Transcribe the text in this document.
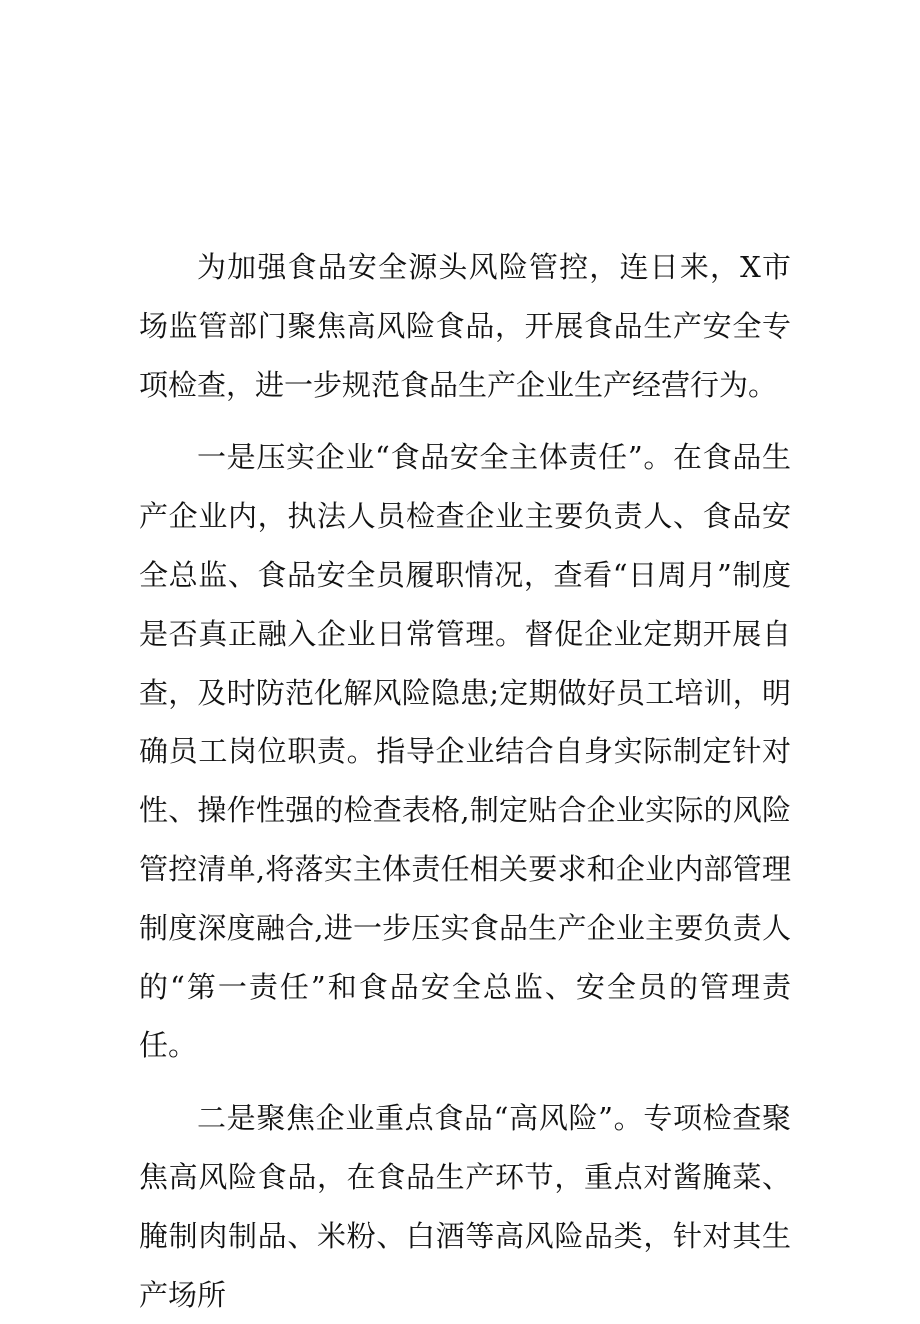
为加强食品安全源头风险管控，连日来，X市场监管部门聚焦高风险食品，开展食品生产安全专项检查，进一步规范食品生产企业生产经营行为。

一是压实企业“食品安全主体责任”。在食品生产企业内，执法人员检查企业主要负责人、食品安全总监、食品安全员履职情况，查看“日周月”制度是否真正融入企业日常管理。督促企业定期开展自查，及时防范化解风险隐患;定期做好员工培训，明确员工岗位职责。指导企业结合自身实际制定针对性、操作性强的检查表格,制定贴合企业实际的风险管控清单,将落实主体责任相关要求和企业内部管理制度深度融合,进一步压实食品生产企业主要负责人的“第一责任”和食品安全总监、安全员的管理责任。

二是聚焦企业重点食品“高风险”。专项检查聚焦高风险食品，在食品生产环节，重点对酱腌菜、腌制肉制品、米粉、白酒等高风险品类，针对其生产场所
